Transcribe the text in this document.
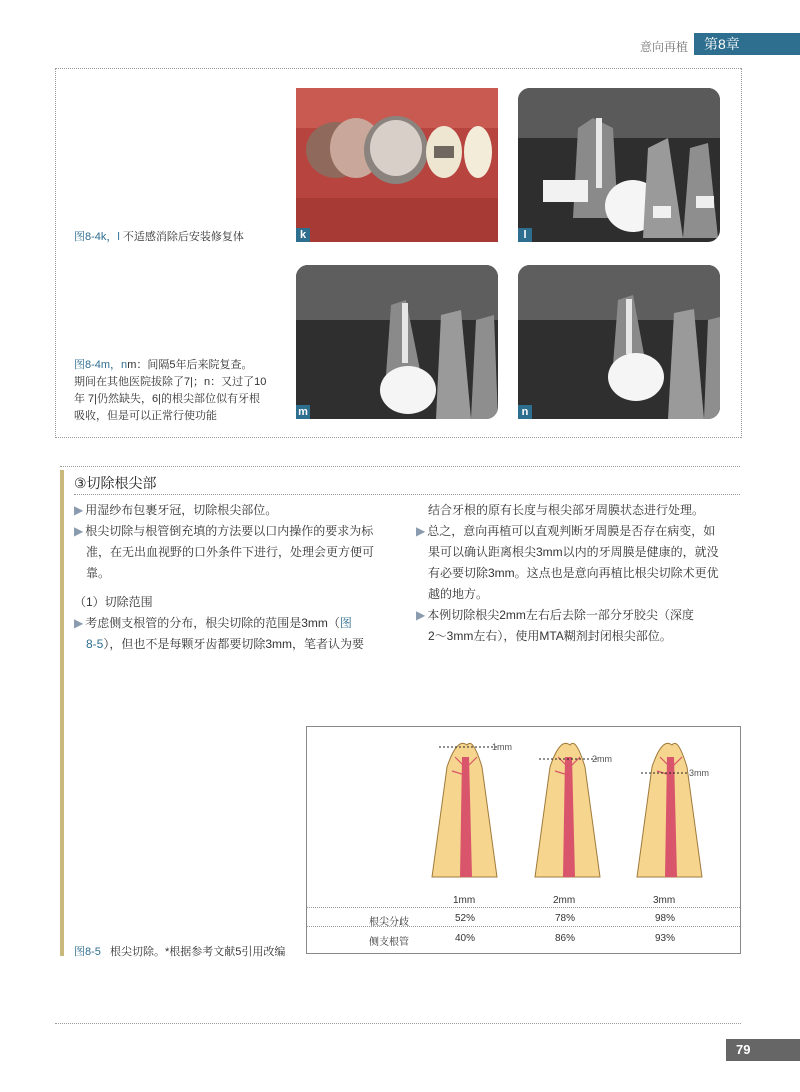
意向再植	第8章
k	l
m	n
图8-4k，l 不适感消除后安装修复体
图8-4m，nm：间隔5年后来院复查。
期间在其他医院拔除了7|；n：又过了10
年 7|仍然缺失，6|的根尖部位似有牙根
吸收，但是可以正常行使功能
③切除根尖部
▶ 用湿纱布包裹牙冠，切除根尖部位。
▶ 根尖切除与根管倒充填的方法要以口内操作的要求为标
准，在无出血视野的口外条件下进行，处理会更方便可
靠。
（1）切除范围
▶ 考虑侧支根管的分布，根尖切除的范围是3mm（图
8-5），但也不是每颗牙齿都要切除3mm，笔者认为要
结合牙根的原有长度与根尖部牙周膜状态进行处理。
▶ 总之，意向再植可以直观判断牙周膜是否存在病变，如
果可以确认距离根尖3mm以内的牙周膜是健康的，就没
有必要切除3mm。这点也是意向再植比根尖切除术更优
越的地方。
▶ 本例切除根尖2mm左右后去除一部分牙胶尖（深度
2～3mm左右），使用MTA糊剂封闭根尖部位。
1mm
2mm
3mm
1mm	2mm	3mm
根尖分歧	52%	78%	98%
侧支根管	40%	86%	93%
图8-5 根尖切除。*根据参考文献5引用改编
79
